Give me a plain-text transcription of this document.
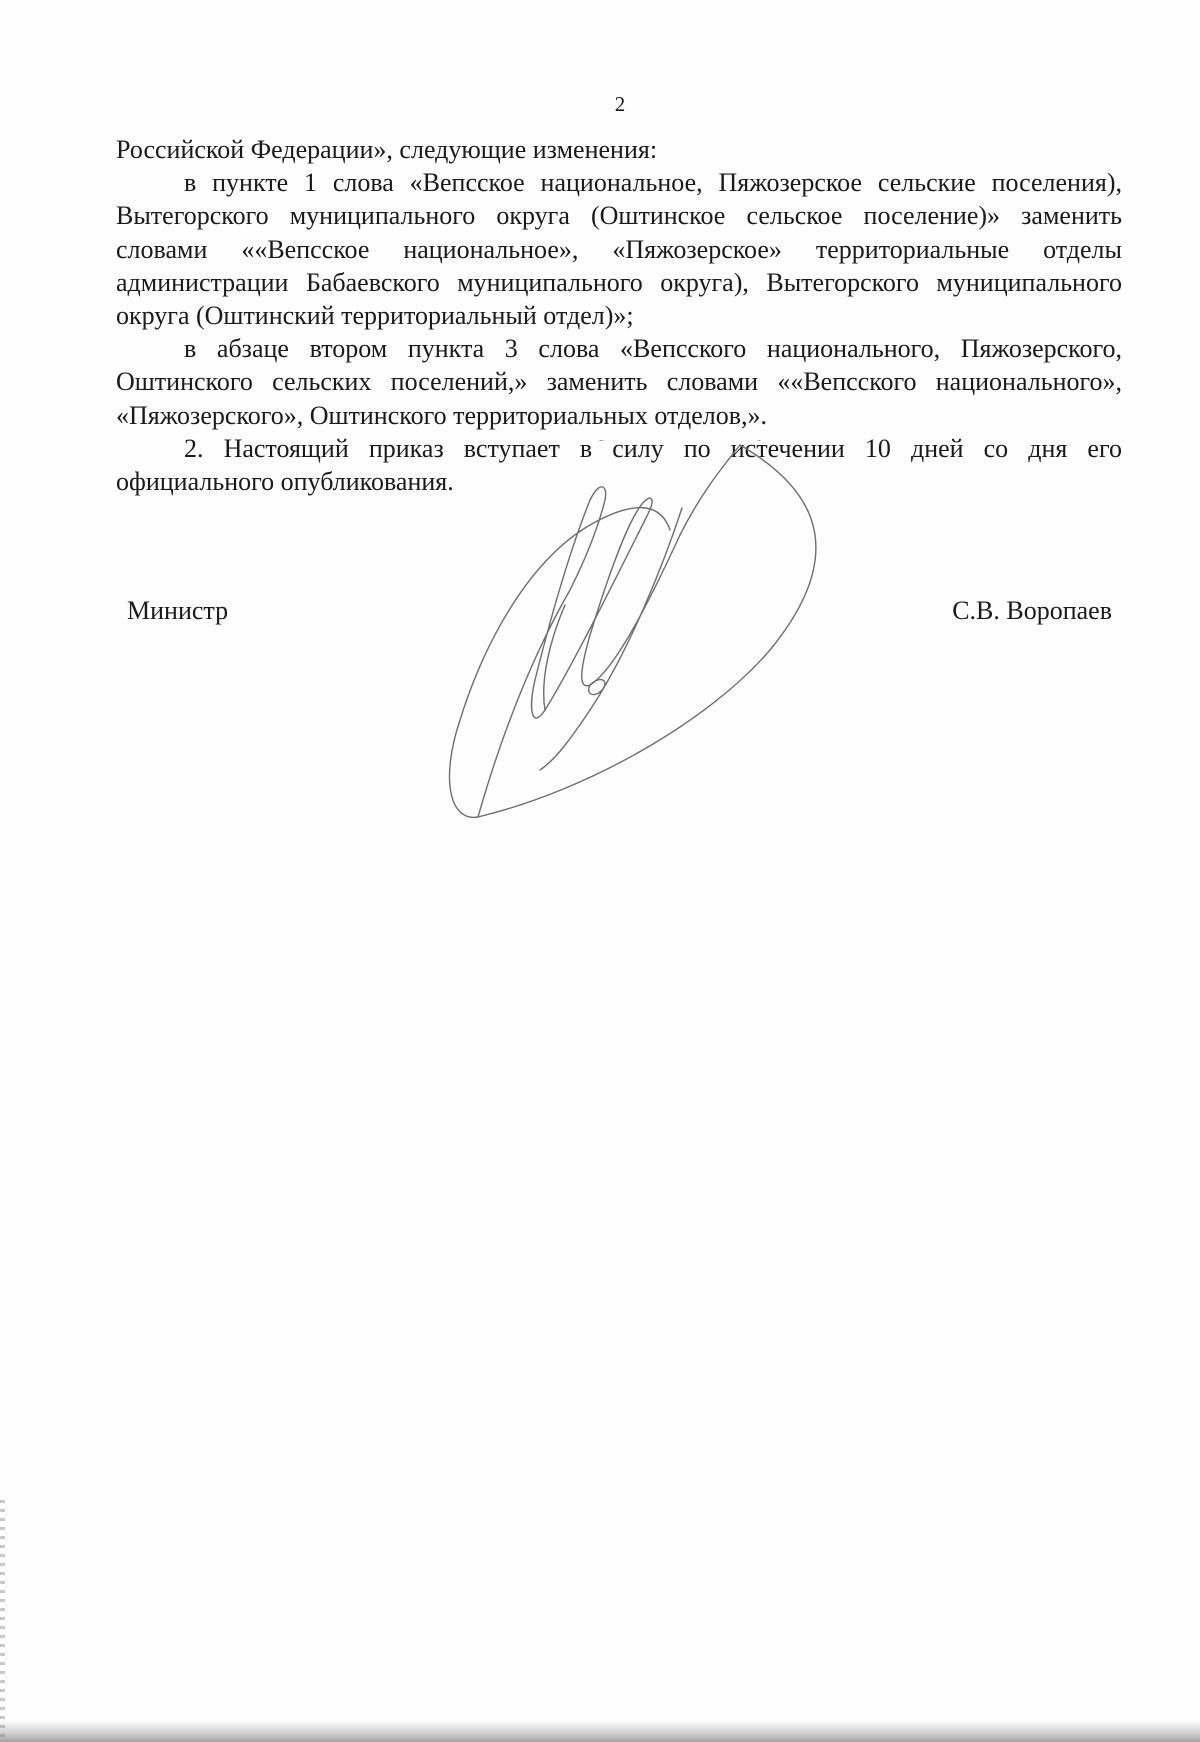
2

Российской Федерации», следующие изменения:

в пункте 1 слова «Вепсское национальное, Пяжозерское сельские поселения), Вытегорского муниципального округа (Оштинское сельское поселение)» заменить словами ««Вепсское национальное», «Пяжозерское» территориальные отделы администрации Бабаевского муниципального округа), Вытегорского муниципального округа (Оштинский территориальный отдел)»;

в абзаце втором пункта 3 слова «Вепсского национального, Пяжозерского, Оштинского сельских поселений,» заменить словами ««Вепсского национального», «Пяжозерского», Оштинского территориальных отделов,».

2. Настоящий приказ вступает в силу по истечении 10 дней со дня его официального опубликования.

Министр	С.В. Воропаев
